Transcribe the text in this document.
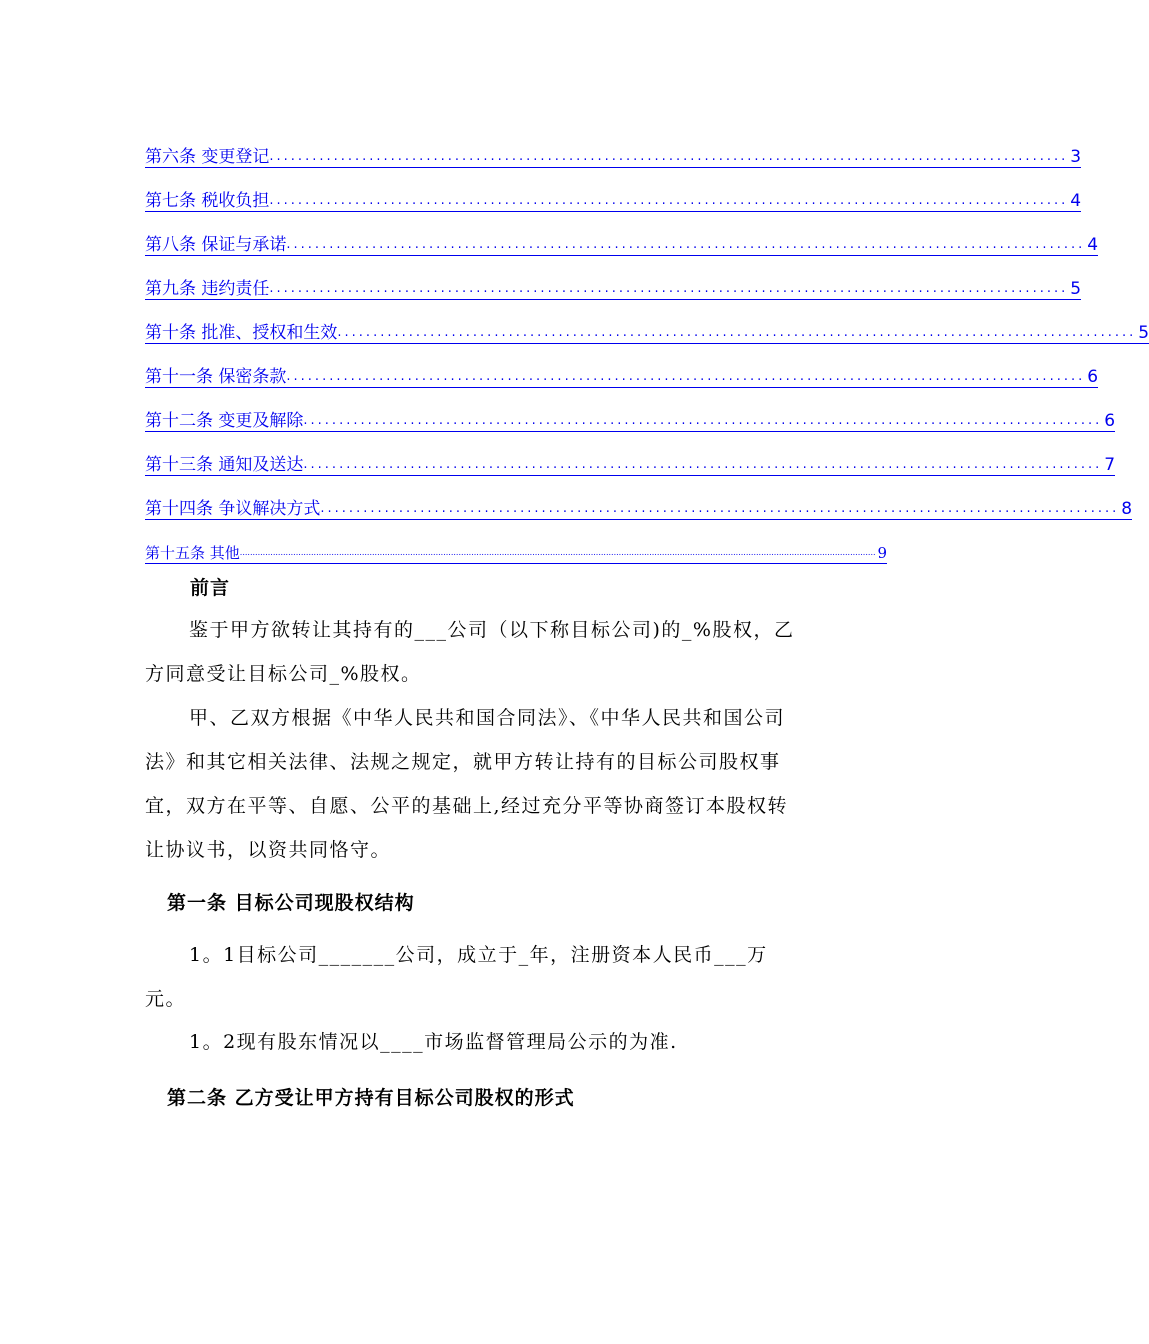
第六条 变更登记 ................................................................................................................ 3
第七条 税收负担 ................................................................................................................ 4
第八条 保证与承诺 ................................................................................................................ 4
第九条 违约责任 ................................................................................................................ 5
第十条 批准、授权和生效 ................................................................................................................ 5
第十一条 保密条款 ................................................................................................................ 6
第十二条 变更及解除 ................................................................................................................ 6
第十三条 通知及送达 ................................................................................................................ 7
第十四条 争议解决方式 ................................................................................................................ 8
第十五条 其他 .......................................................................................................................................................................................................................................................... 9
前言
鉴于甲方欲转让其持有的___公司（以下称目标公司)的_%股权，乙方同意受让目标公司_%股权。
甲、乙双方根据《中华人民共和国合同法》、《中华人民共和国公司法》和其它相关法律、法规之规定，就甲方转让持有的目标公司股权事宜，双方在平等、自愿、公平的基础上,经过充分平等协商签订本股权转让协议书，以资共同恪守。
第一条 目标公司现股权结构
1。1目标公司_______公司，成立于_年，注册资本人民币___万元。
1。2现有股东情况以____市场监督管理局公示的为准.
第二条 乙方受让甲方持有目标公司股权的形式
